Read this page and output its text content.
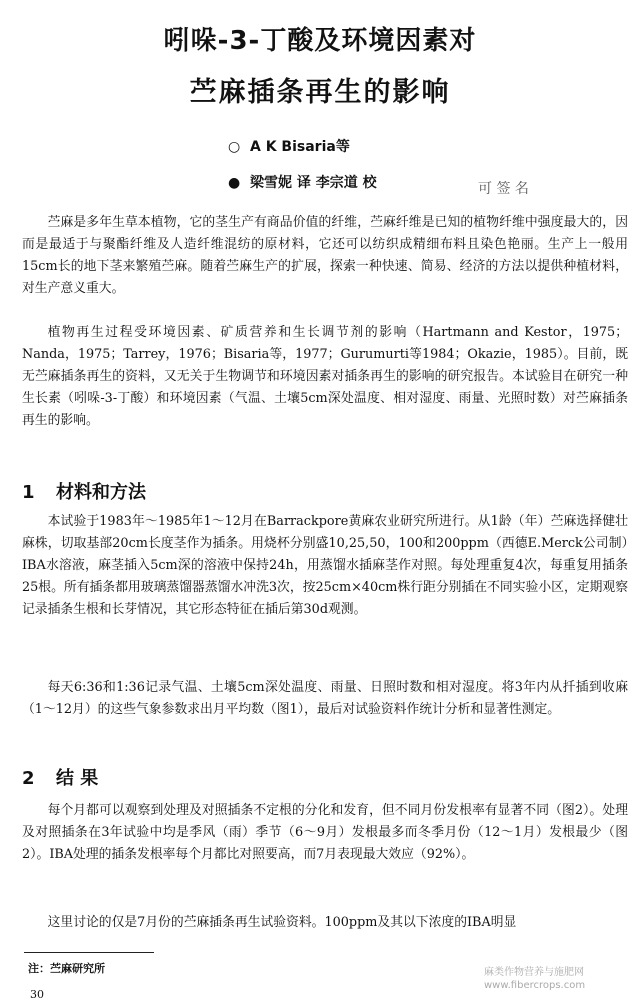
吲哚-3-丁酸及环境因素对
苎麻插条再生的影响
○ A K Bisaria等
● 梁雪妮 译 李宗道 校	可 签 名

苎麻是多年生草本植物，它的茎生产有商品价值的纤维，苎麻纤维是已知的植物纤维中强度最大的，因而是最适于与聚酯纤维及人造纤维混纺的原材料，它还可以纺织成精细布料且染色艳丽。生产上一般用15cm长的地下茎来繁殖苎麻。随着苎麻生产的扩展，探索一种快速、简易、经济的方法以提供种植材料，对生产意义重大。

植物再生过程受环境因素、矿质营养和生长调节剂的影响（Hartmann and Kestor，1975；Nanda，1975；Tarrey，1976；Bisaria等，1977；Gurumurti等1984；Okazie，1985）。目前，既无苎麻插条再生的资料，又无关于生物调节和环境因素对插条再生的影响的研究报告。本试验目在研究一种生长素（吲哚-3-丁酸）和环境因素（气温、土壤5cm深处温度、相对湿度、雨量、光照时数）对苎麻插条再生的影响。

1 材料和方法

本试验于1983年～1985年1～12月在Barrackpore黄麻农业研究所进行。从1龄（年）苎麻选择健壮麻株，切取基部20cm长度茎作为插条。用烧杯分别盛10,25,50，100和200ppm（西德E.Merck公司制）IBA水溶液，麻茎插入5cm深的溶液中保持24h，用蒸馏水插麻茎作对照。每处理重复4次，每重复用插条25根。所有插条都用玻璃蒸馏器蒸馏水冲洗3次，按25cm×40cm株行距分别插在不同实验小区，定期观察记录插条生根和长芽情况，其它形态特征在插后第30d观测。

每天6:36和1:36记录气温、土壤5cm深处温度、雨量、日照时数和相对湿度。将3年内从扦插到收麻（1～12月）的这些气象参数求出月平均数（图1），最后对试验资料作统计分析和显著性测定。

2 结 果

每个月都可以观察到处理及对照插条不定根的分化和发育，但不同月份发根率有显著不同（图2）。处理及对照插条在3年试验中均是季风（雨）季节（6～9月）发根最多而冬季月份（12～1月）发根最少（图2）。IBA处理的插条发根率每个月都比对照要高，而7月表现最大效应（92%）。

这里讨论的仅是7月份的苎麻插条再生试验资料。100ppm及其以下浓度的IBA明显

注：苎麻研究所
30
麻类作物营养与施肥网
www.fibercrops.com
